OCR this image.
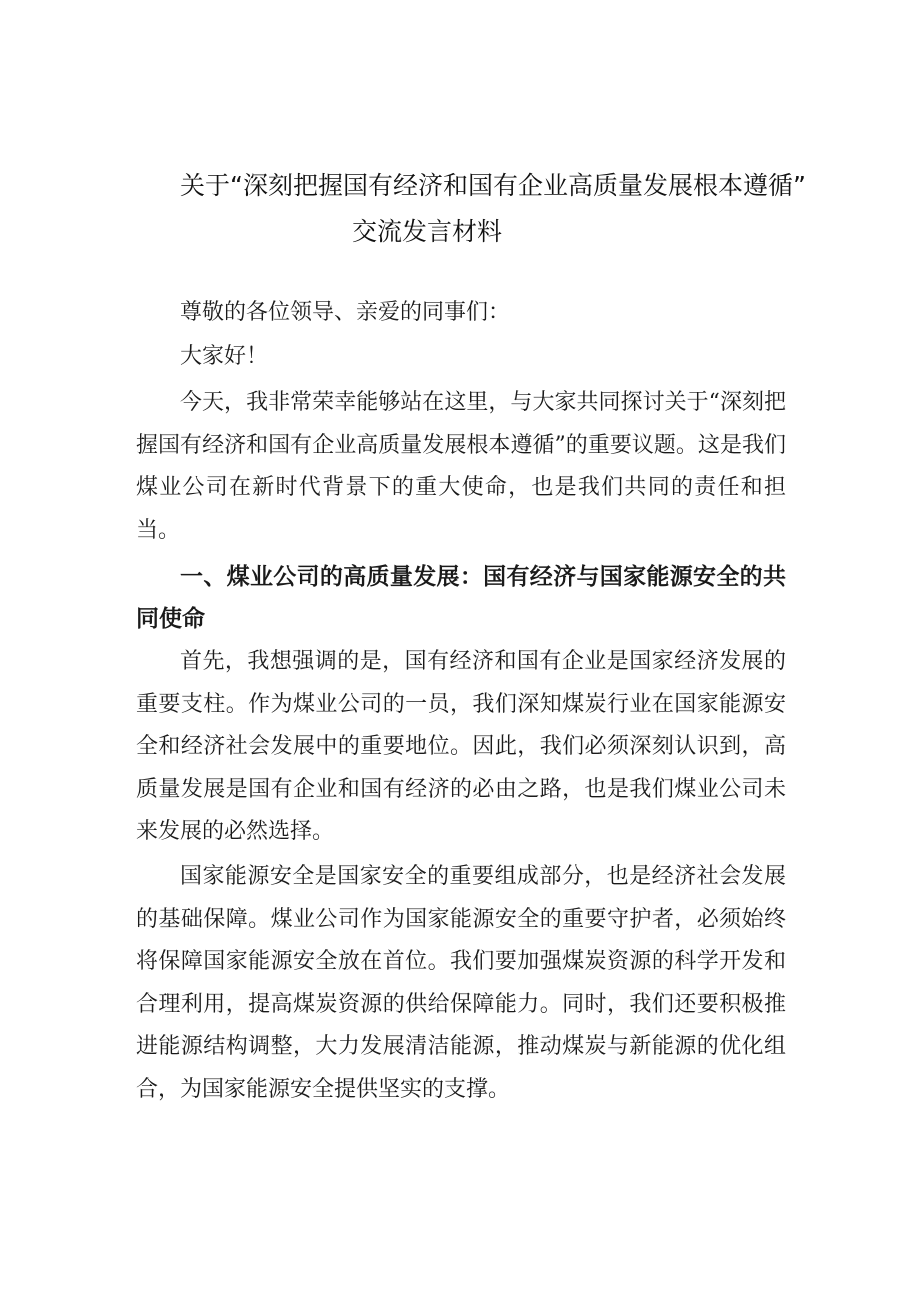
关于“深刻把握国有经济和国有企业高质量发展根本遵循”
交流发言材料

尊敬的各位领导、亲爱的同事们：

大家好！

今天，我非常荣幸能够站在这里，与大家共同探讨关于“深刻把握国有经济和国有企业高质量发展根本遵循”的重要议题。这是我们煤业公司在新时代背景下的重大使命，也是我们共同的责任和担当。

一、煤业公司的高质量发展：国有经济与国家能源安全的共同使命

首先，我想强调的是，国有经济和国有企业是国家经济发展的重要支柱。作为煤业公司的一员，我们深知煤炭行业在国家能源安全和经济社会发展中的重要地位。因此，我们必须深刻认识到，高质量发展是国有企业和国有经济的必由之路，也是我们煤业公司未来发展的必然选择。

国家能源安全是国家安全的重要组成部分，也是经济社会发展的基础保障。煤业公司作为国家能源安全的重要守护者，必须始终将保障国家能源安全放在首位。我们要加强煤炭资源的科学开发和合理利用，提高煤炭资源的供给保障能力。同时，我们还要积极推进能源结构调整，大力发展清洁能源，推动煤炭与新能源的优化组合，为国家能源安全提供坚实的支撑。
